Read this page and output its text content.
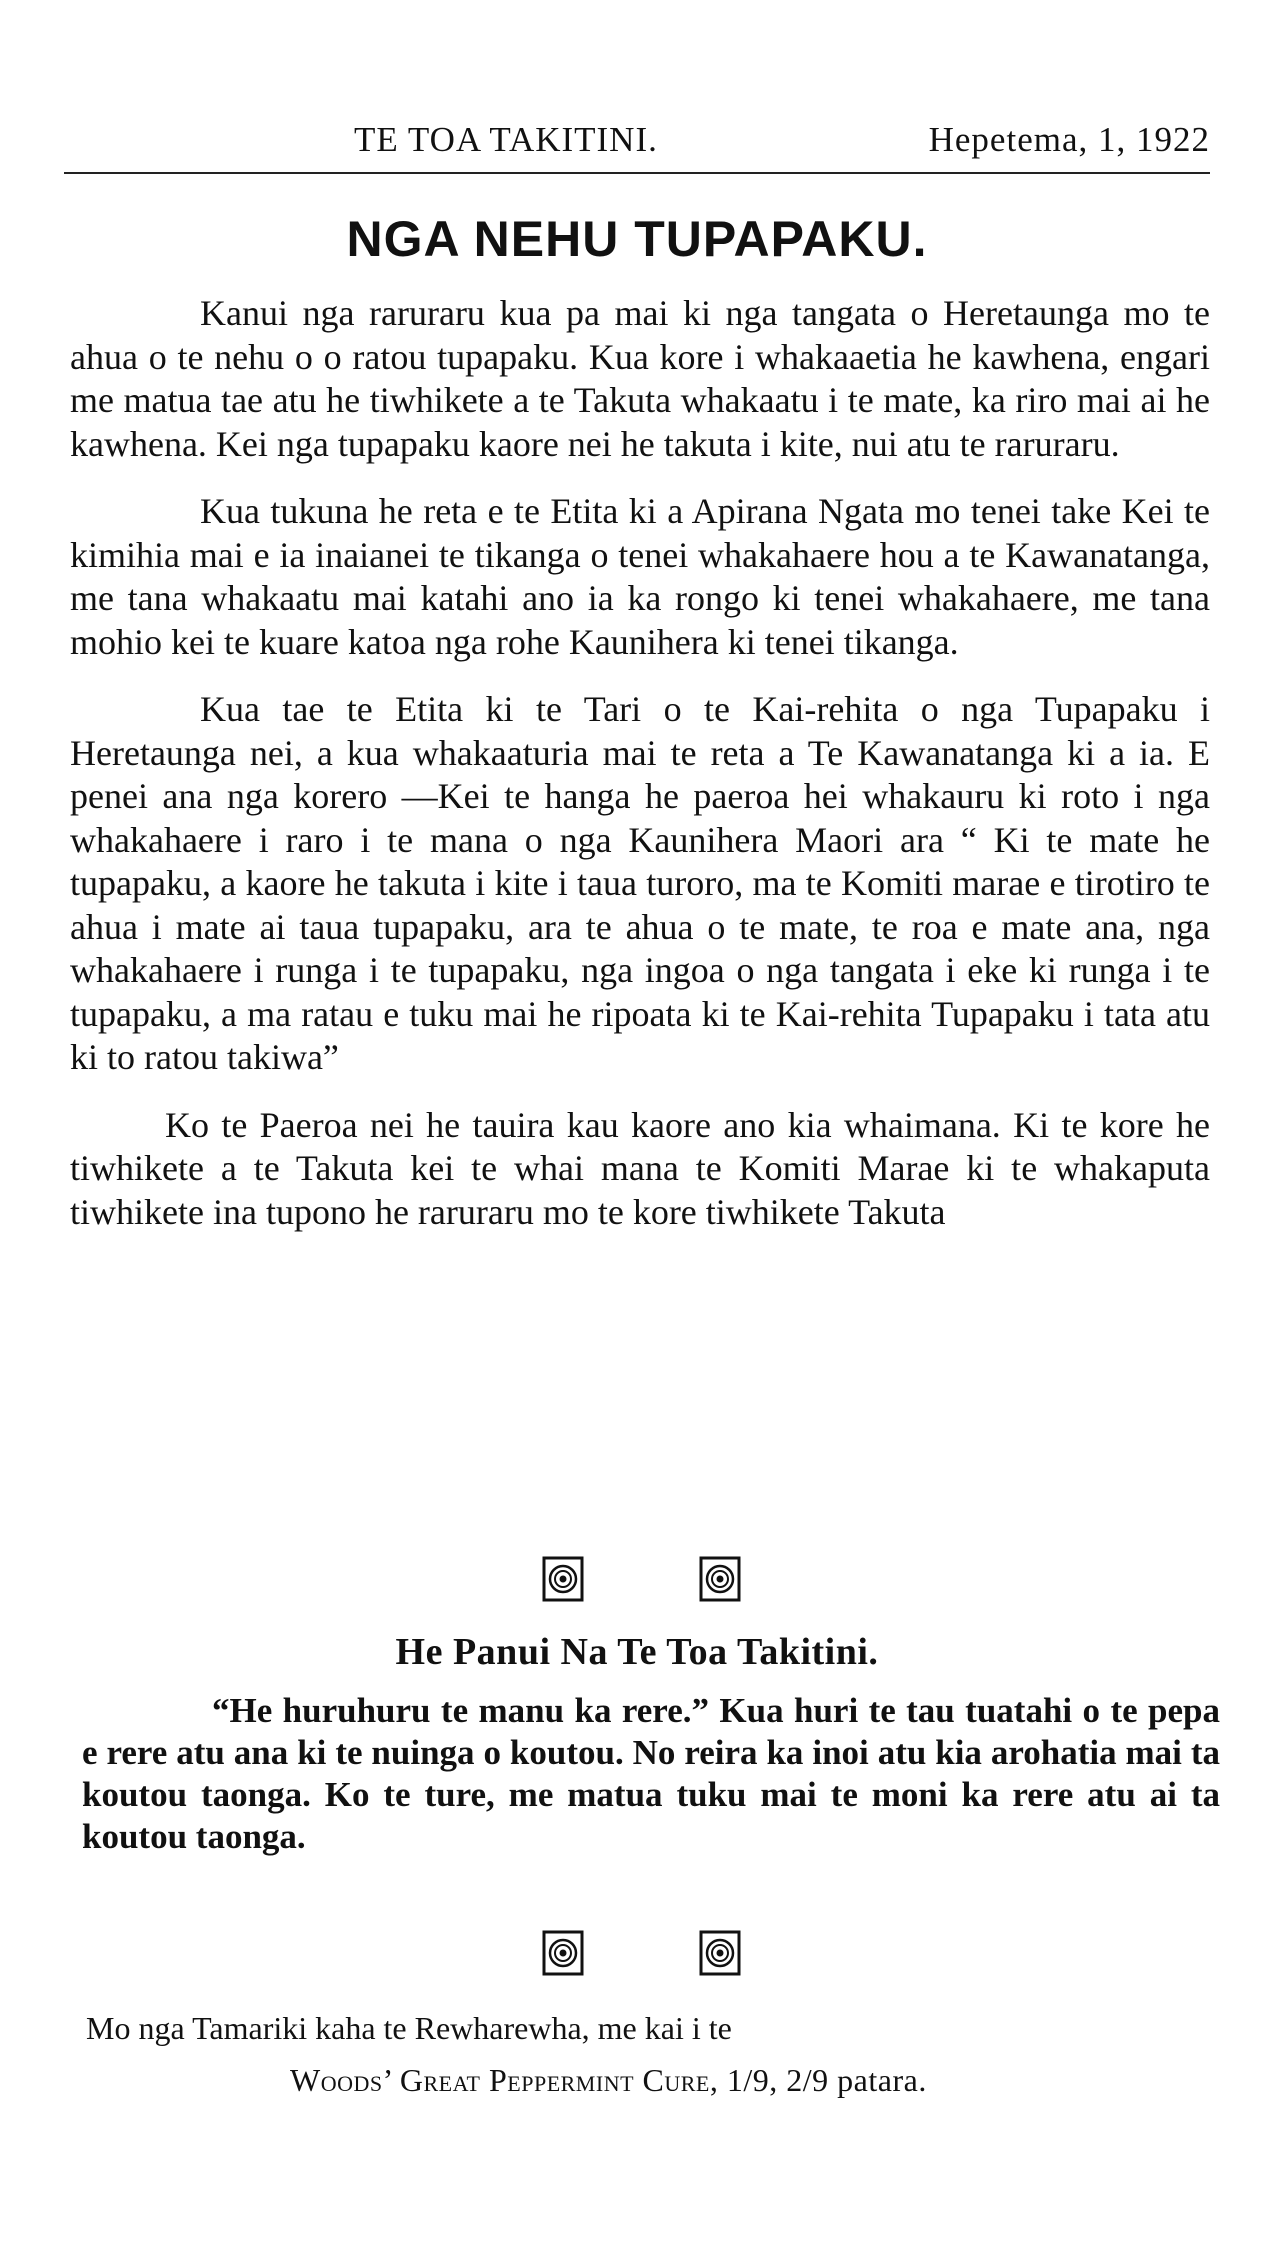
TE TOA TAKITINI.	Hepetema, 1, 1922
NGA NEHU TUPAPAKU.

Kanui nga raruraru kua pa mai ki nga tangata o Heretaunga mo te ahua o te nehu o o ratou tupapaku. Kua kore i whakaaetia he kawhena, engari me matua tae atu he tiwhikete a te Takuta whakaatu i te mate, ka riro mai ai he kawhena. Kei nga tupapaku kaore nei he takuta i kite, nui atu te raruraru.

Kua tukuna he reta e te Etita ki a Apirana Ngata mo tenei take Kei te kimihia mai e ia inaianei te tikanga o tenei whakahaere hou a te Kawanatanga, me tana whakaatu mai katahi ano ia ka rongo ki tenei whakahaere, me tana mohio kei te kuare katoa nga rohe Kaunihera ki tenei tikanga.

Kua tae te Etita ki te Tari o te Kai-rehita o nga Tupapaku i Heretaunga nei, a kua whakaaturia mai te reta a Te Kawanatanga ki a ia. E penei ana nga korero —Kei te hanga he paeroa hei whakauru ki roto i nga whakahaere i raro i te mana o nga Kaunihera Maori ara “ Ki te mate he tupapaku, a kaore he takuta i kite i taua turoro, ma te Komiti marae e tirotiro te ahua i mate ai taua tupapaku, ara te ahua o te mate, te roa e mate ana, nga whakahaere i runga i te tupapaku, nga ingoa o nga tangata i eke ki runga i te tupapaku, a ma ratau e tuku mai he ripoata ki te Kai-rehita Tupapaku i tata atu ki to ratou takiwa”

Ko te Paeroa nei he tauira kau kaore ano kia whaimana. Ki te kore he tiwhikete a te Takuta kei te whai mana te Komiti Marae ki te whakaputa tiwhikete ina tupono he raruraru mo te kore tiwhikete Takuta

He Panui Na Te Toa Takitini.

“He huruhuru te manu ka rere.” Kua huri te tau tuatahi o te pepa e rere atu ana ki te nuinga o koutou. No reira ka inoi atu kia arohatia mai ta koutou taonga. Ko te ture, me matua tuku mai te moni ka rere atu ai ta koutou taonga.

Mo nga Tamariki kaha te Rewharewha, me kai i te
Woods’ Great Peppermint Cure, 1/9, 2/9 patara.
